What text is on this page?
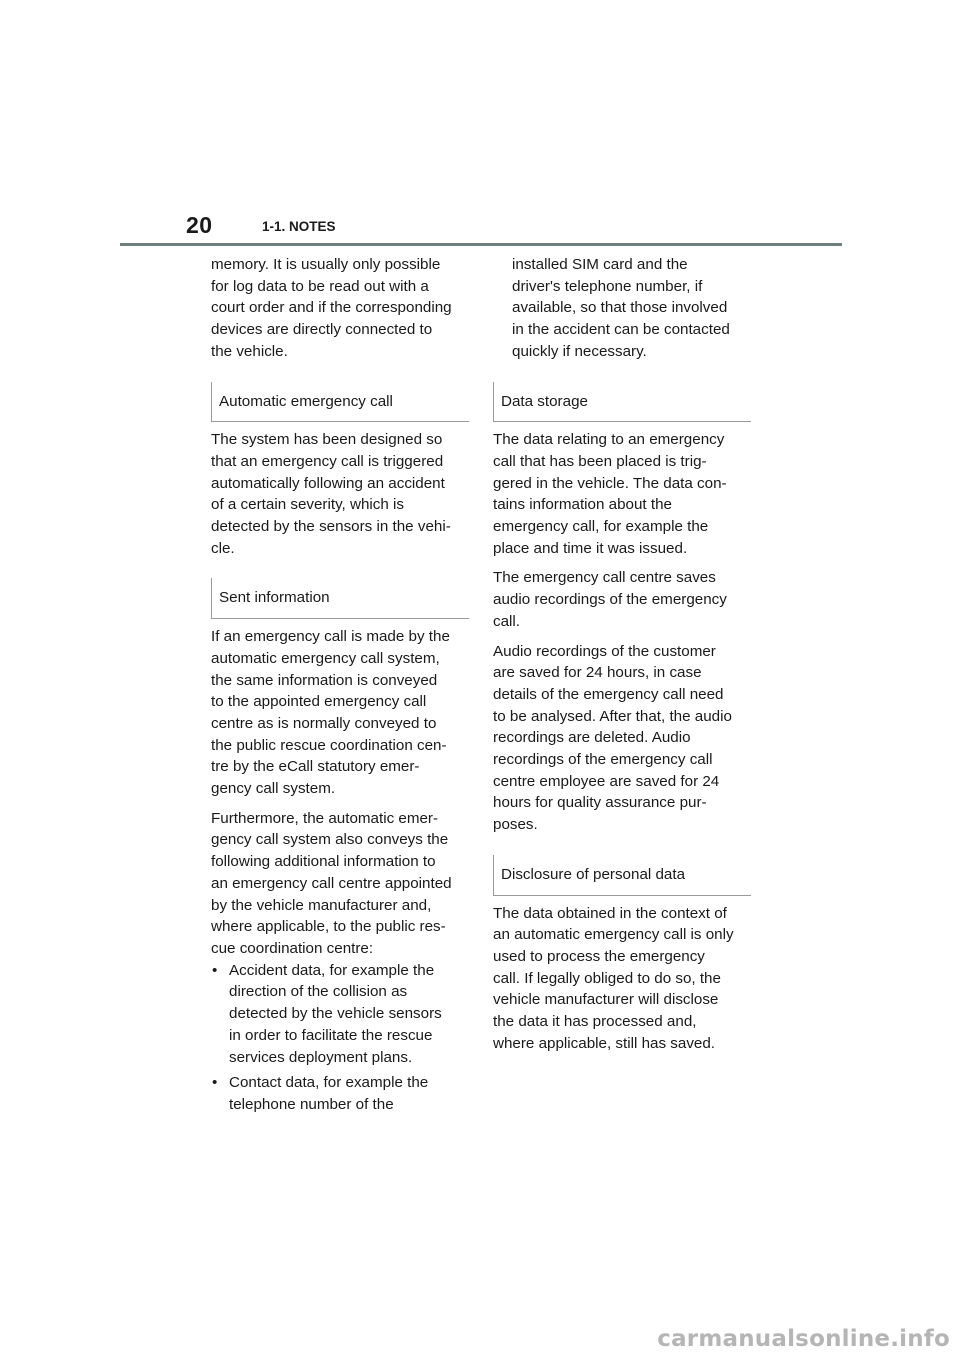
20	1-1. NOTES
memory. It is usually only possible
for log data to be read out with a
court order and if the corresponding
devices are directly connected to
the vehicle.
Automatic emergency call
The system has been designed so
that an emergency call is triggered
automatically following an accident
of a certain severity, which is
detected by the sensors in the vehi-
cle.
Sent information
If an emergency call is made by the
automatic emergency call system,
the same information is conveyed
to the appointed emergency call
centre as is normally conveyed to
the public rescue coordination cen-
tre by the eCall statutory emer-
gency call system.
Furthermore, the automatic emer-
gency call system also conveys the
following additional information to
an emergency call centre appointed
by the vehicle manufacturer and,
where applicable, to the public res-
cue coordination centre:
• Accident data, for example the
direction of the collision as
detected by the vehicle sensors
in order to facilitate the rescue
services deployment plans.
• Contact data, for example the
telephone number of the
installed SIM card and the
driver's telephone number, if
available, so that those involved
in the accident can be contacted
quickly if necessary.
Data storage
The data relating to an emergency
call that has been placed is trig-
gered in the vehicle. The data con-
tains information about the
emergency call, for example the
place and time it was issued.
The emergency call centre saves
audio recordings of the emergency
call.
Audio recordings of the customer
are saved for 24 hours, in case
details of the emergency call need
to be analysed. After that, the audio
recordings are deleted. Audio
recordings of the emergency call
centre employee are saved for 24
hours for quality assurance pur-
poses.
Disclosure of personal data
The data obtained in the context of
an automatic emergency call is only
used to process the emergency
call. If legally obliged to do so, the
vehicle manufacturer will disclose
the data it has processed and,
where applicable, still has saved.
carmanualsonline.info
